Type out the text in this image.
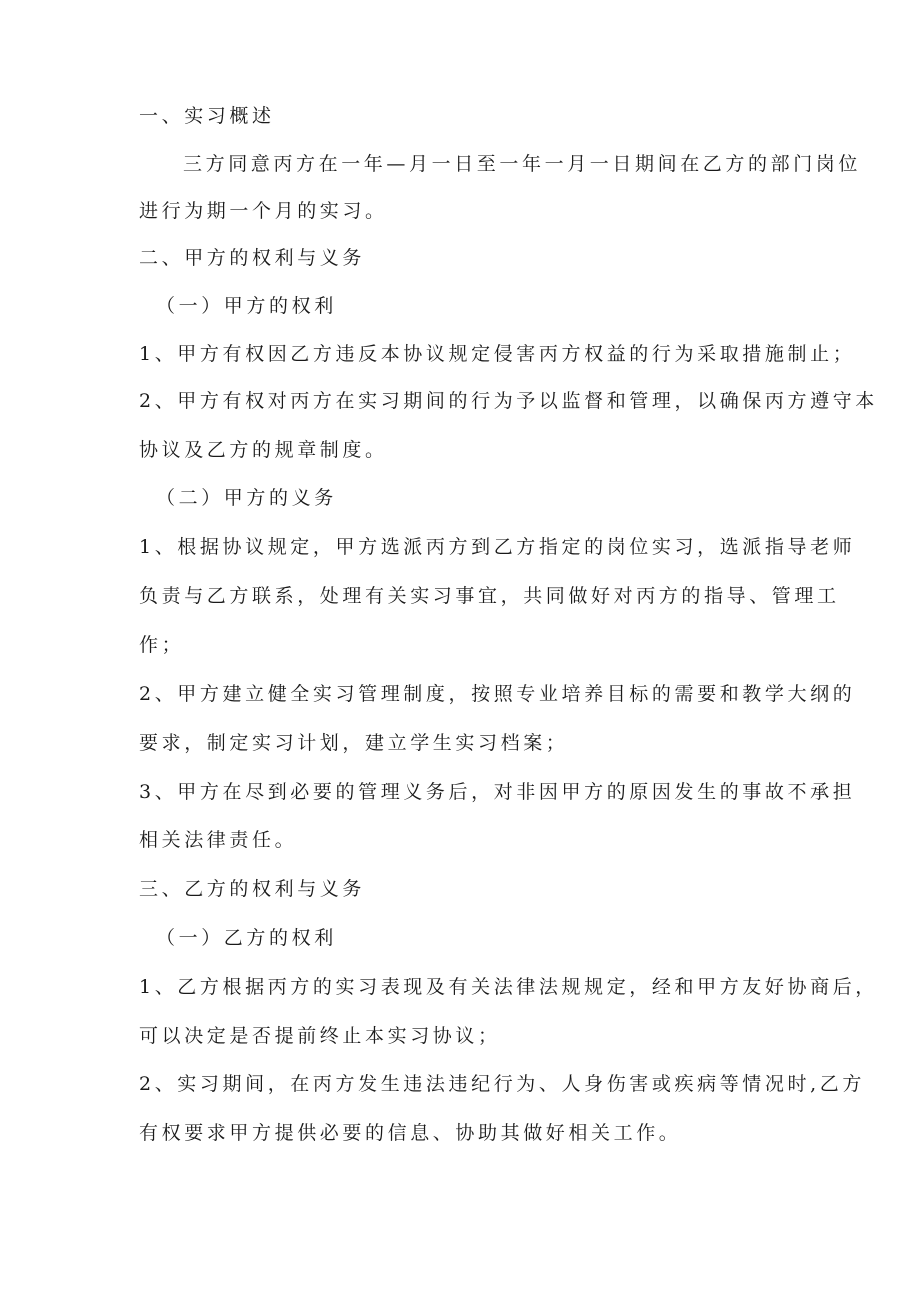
一、实习概述
三方同意丙方在一年—月一日至一年一月一日期间在乙方的部门岗位
进行为期一个月的实习。
二、甲方的权利与义务
（一）甲方的权利
1、甲方有权因乙方违反本协议规定侵害丙方权益的行为采取措施制止；
2、甲方有权对丙方在实习期间的行为予以监督和管理，以确保丙方遵守本
协议及乙方的规章制度。
（二）甲方的义务
1、根据协议规定，甲方选派丙方到乙方指定的岗位实习，选派指导老师
负责与乙方联系，处理有关实习事宜，共同做好对丙方的指导、管理工
作；
2、甲方建立健全实习管理制度，按照专业培养目标的需要和教学大纲的
要求，制定实习计划，建立学生实习档案；
3、甲方在尽到必要的管理义务后，对非因甲方的原因发生的事故不承担
相关法律责任。
三、乙方的权利与义务
（一）乙方的权利
1、乙方根据丙方的实习表现及有关法律法规规定，经和甲方友好协商后，
可以决定是否提前终止本实习协议；
2、实习期间，在丙方发生违法违纪行为、人身伤害或疾病等情况时,乙方
有权要求甲方提供必要的信息、协助其做好相关工作。
